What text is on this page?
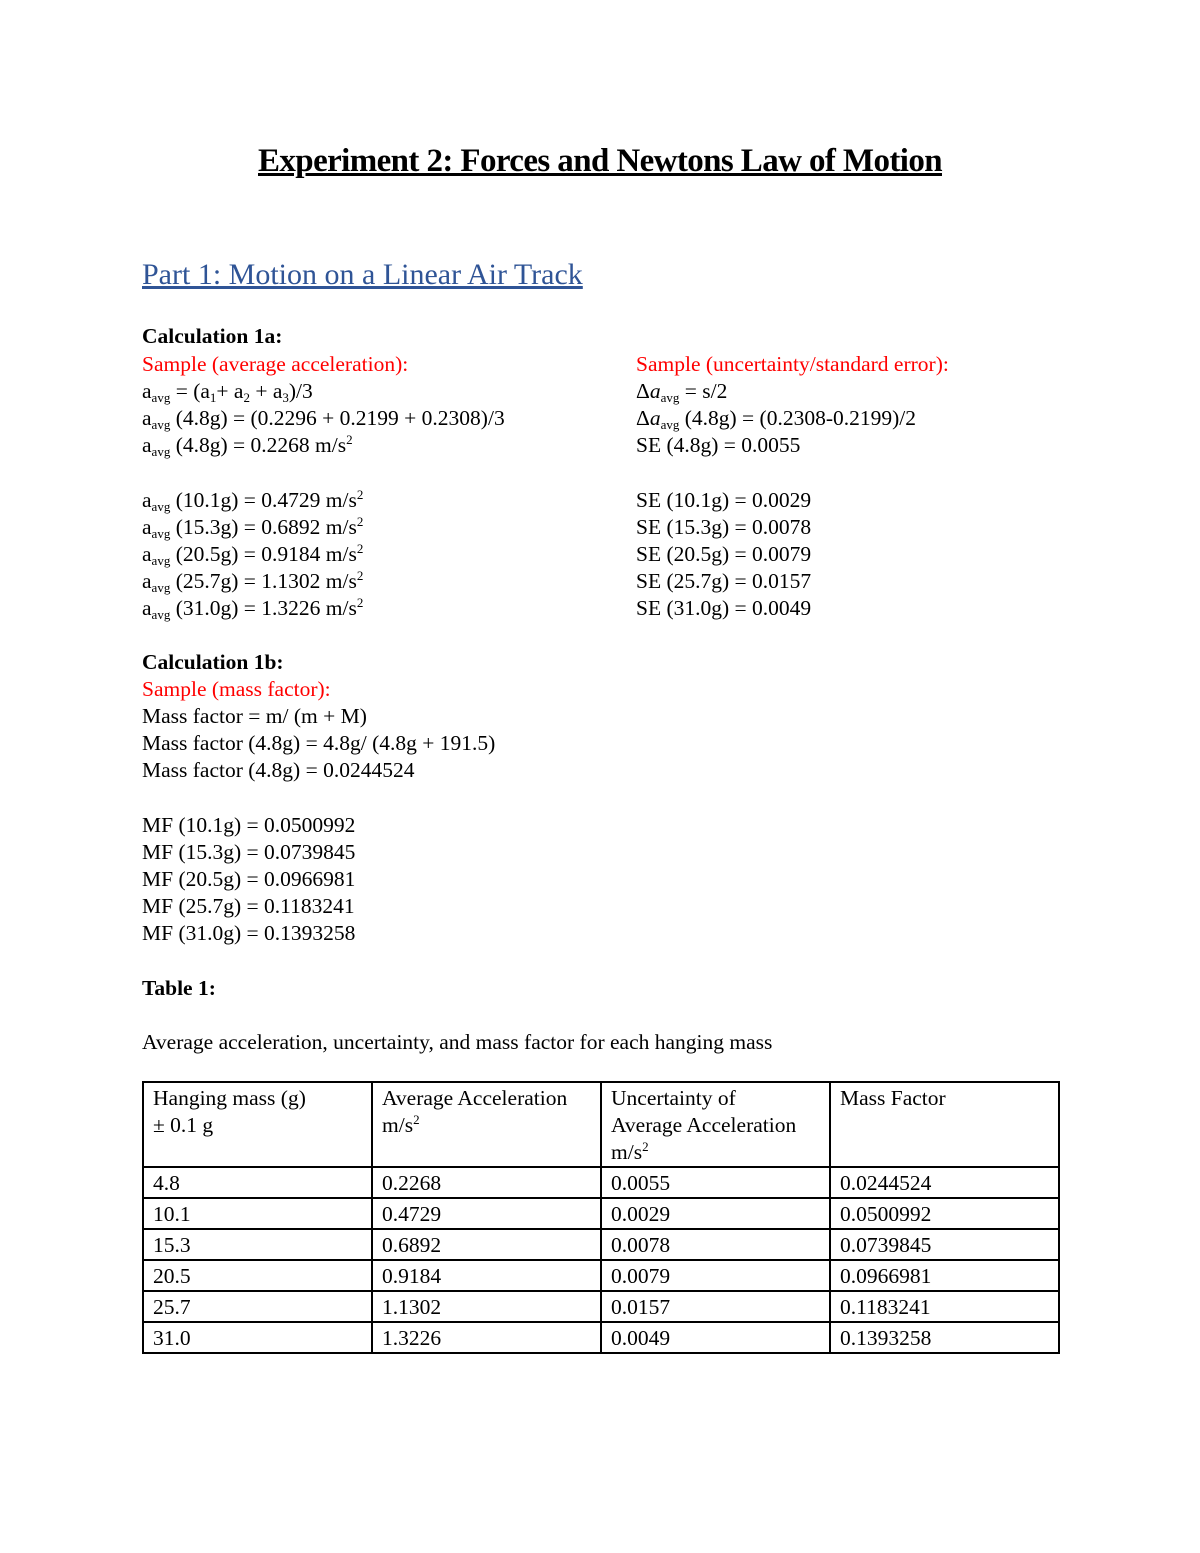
Experiment 2: Forces and Newtons Law of Motion
Part 1: Motion on a Linear Air Track
Calculation 1a:
Sample (average acceleration):	Sample (uncertainty/standard error):
$a_{avg} = (a_1+ a_2 + a_3)/3$
$a_{avg}$ (4.8g) = (0.2296 + 0.2199 + 0.2308)/3
$a_{avg}$ (4.8g) = 0.2268 $m/s^2$
$a_{avg}$ (10.1g) = 0.4729 $m/s^2$
$a_{avg}$ (15.3g) = 0.6892 $m/s^2$
$a_{avg}$ (20.5g) = 0.9184 $m/s^2$
$a_{avg}$ (25.7g) = 1.1302 $m/s^2$
$a_{avg}$ (31.0g) = 1.3226 $m/s^2$
$\Delta a_{avg} = s/2$
$\Delta a_{avg}$ (4.8g) = (0.2308-0.2199)/2
SE (4.8g) = 0.0055
SE (10.1g) = 0.0029
SE (15.3g) = 0.0078
SE (20.5g) = 0.0079
SE (25.7g) = 0.0157
SE (31.0g) = 0.0049
Calculation 1b:
Sample (mass factor):
Mass factor = m/ (m + M)
Mass factor (4.8g) = 4.8g/ (4.8g + 191.5)
Mass factor (4.8g) = 0.0244524
MF (10.1g) = 0.0500992
MF (15.3g) = 0.0739845
MF (20.5g) = 0.0966981
MF (25.7g) = 0.1183241
MF (31.0g) = 0.1393258
Table 1:
Average acceleration, uncertainty, and mass factor for each hanging mass
Hanging mass (g)
± 0.1 g	Average Acceleration
$m/s^2$	Uncertainty of
Average Acceleration
$m/s^2$	Mass Factor
4.8	0.2268	0.0055	0.0244524
10.1	0.4729	0.0029	0.0500992
15.3	0.6892	0.0078	0.0739845
20.5	0.9184	0.0079	0.0966981
25.7	1.1302	0.0157	0.1183241
31.0	1.3226	0.0049	0.1393258
